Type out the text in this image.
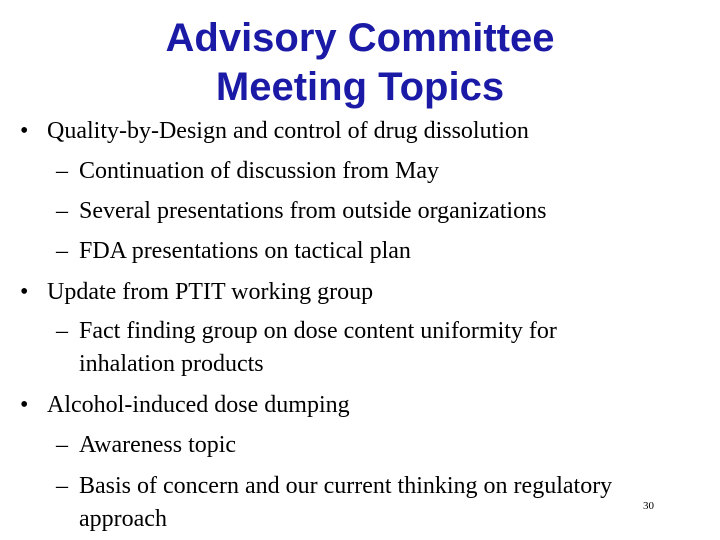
Advisory Committee
Meeting Topics
• Quality-by-Design and control of drug dissolution
– Continuation of discussion from May
– Several presentations from outside organizations
– FDA presentations on tactical plan
• Update from PTIT working group
– Fact finding group on dose content uniformity for
inhalation products
• Alcohol-induced dose dumping
– Awareness topic
– Basis of concern and our current thinking on regulatory
approach	30
